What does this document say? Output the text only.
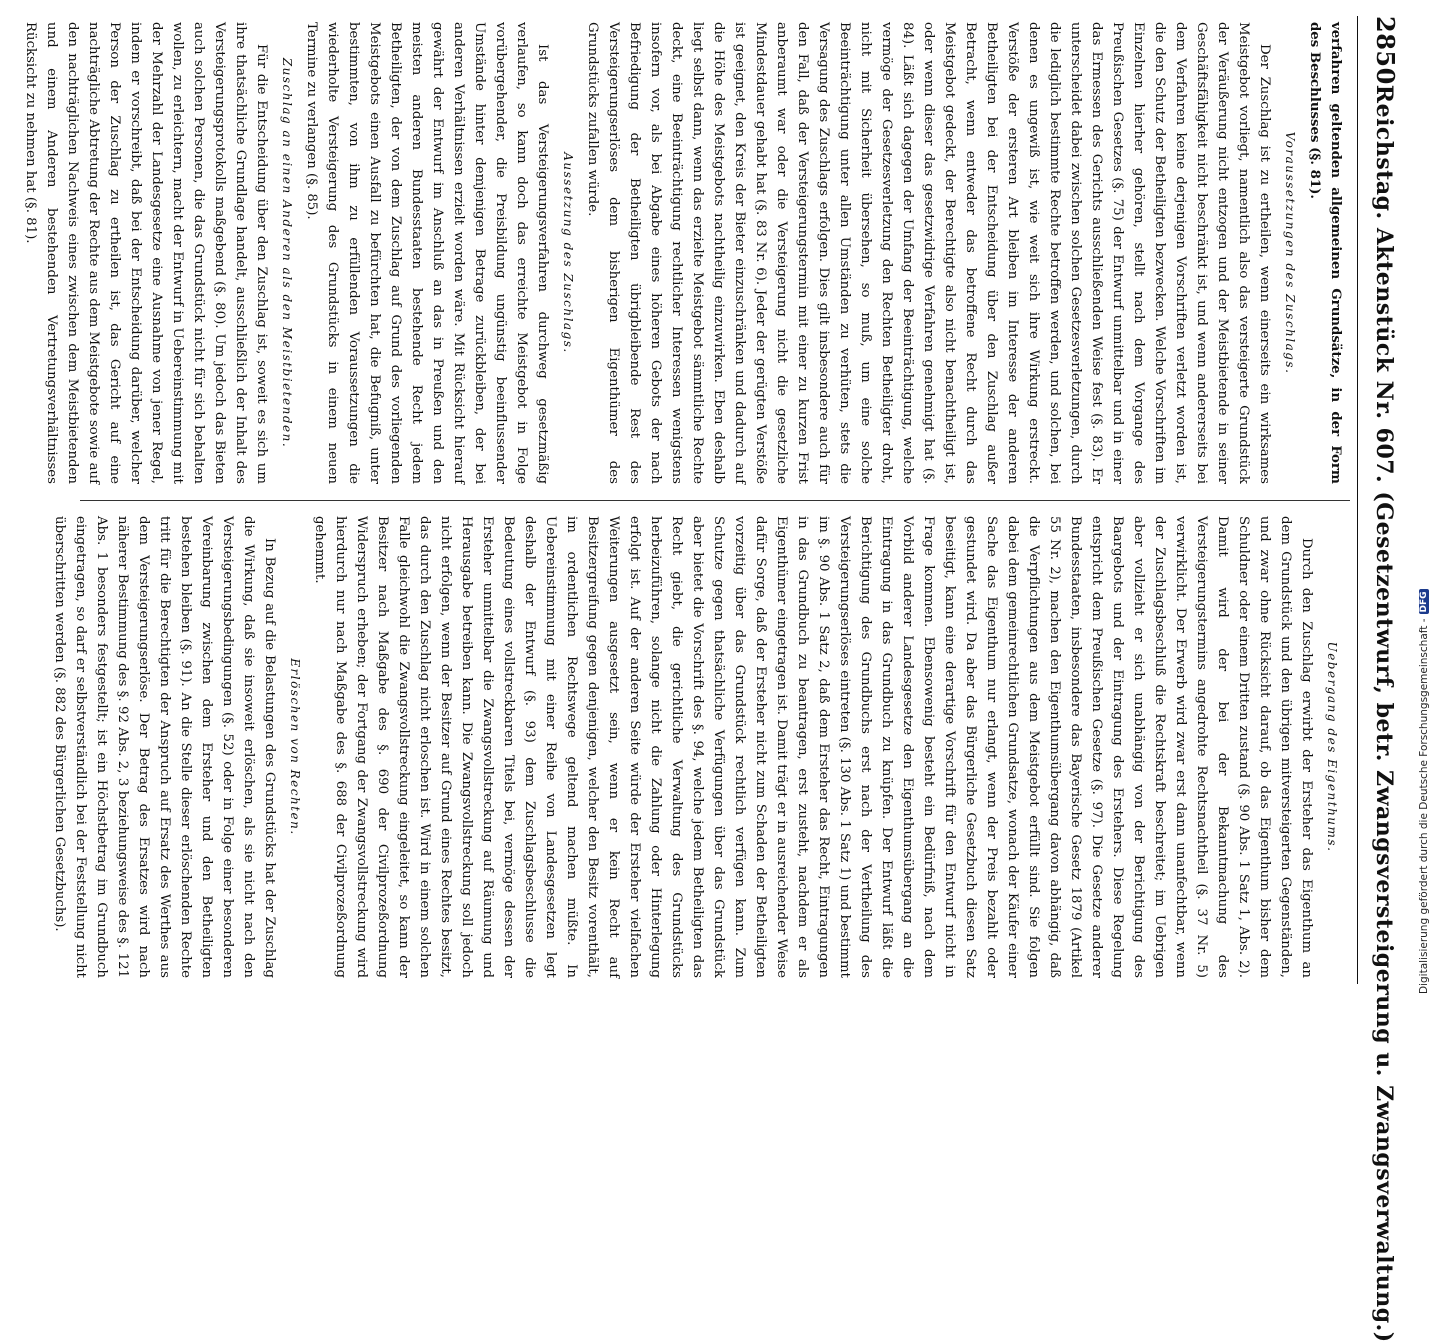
2850
Reichstag. Aktenstück Nr. 607. (Gesetzentwurf, betr. Zwangsversteigerung u. Zwangsverwaltung.)

verfahren geltenden allgemeinen Grundsätze, in der Form des Beschlusses (§. 81).

Voraussetzungen des Zuschlags.

Der Zuschlag ist zu ertheilen, wenn einerseits ein wirksames Meistgebot vorliegt, namentlich also das versteigerte Grundstück der Veräußerung nicht entzogen und der Meistbietende in seiner Geschäftsfähigkeit nicht beschränkt ist, und wenn andererseits bei dem Verfahren keine derjenigen Vorschriften verletzt worden ist, die den Schutz der Betheiligten bezwecken. Welche Vorschriften im Einzelnen hierher gehören, stellt nach dem Vorgange des Preußischen Gesetzes (§. 75) der Entwurf unmittelbar und in einer das Ermessen des Gerichts ausschließenden Weise fest (§. 83). Er unterscheidet dabei zwischen solchen Gesetzesverletzungen, durch die lediglich bestimmte Rechte betroffen werden, und solchen, bei denen es ungewiß ist, wie weit sich ihre Wirkung erstreckt. Verstöße der ersteren Art bleiben im Interesse der anderen Betheiligten bei der Entscheidung über den Zuschlag außer Betracht, wenn entweder das betroffene Recht durch das Meistgebot gedeckt, der Berechtigte also nicht benachtheiligt ist, oder wenn dieser das gesetzwidrige Verfahren genehmigt hat (§. 84). Läßt sich dagegen der Umfang der Beeinträchtigung, welche vermöge der Gesetzesverletzung den Rechten Betheiligter droht, nicht mit Sicherheit übersehen, so muß, um eine solche Beeinträchtigung unter allen Umständen zu verhüten, stets die Versagung des Zuschlags erfolgen. Dies gilt insbesondere auch für den Fall, daß der Versteigerungstermin mit einer zu kurzen Frist anberaumt war oder die Versteigerung nicht die gesetzliche Mindestdauer gehabt hat (§. 83 Nr. 6). Jeder der gerügten Verstöße ist geeignet, den Kreis der Bieter einzuschränken und dadurch auf die Höhe des Meistgebots nachtheilig einzuwirken. Eben deshalb liegt selbst dann, wenn das erzielte Meistgebot sämmtliche Rechte deckt, eine Beeinträchtigung rechtlicher Interessen wenigstens insofern vor, als bei Abgabe eines höheren Gebots der nach Befriedigung der Betheiligten übrigbleibende Rest des Versteigerungserlöses dem bisherigen Eigenthümer des Grundstücks zufallen würde.

Aussetzung des Zuschlags.

Ist das Versteigerungsverfahren durchweg gesetzmäßig verlaufen, so kann doch das erreichte Meistgebot in Folge vorübergehender, die Preisbildung ungünstig beeinflussender Umstände hinter demjenigen Betrage zurückbleiben, der bei anderen Verhältnissen erzielt worden wäre. Mit Rücksicht hierauf gewährt der Entwurf im Anschluß an das in Preußen und den meisten anderen Bundesstaaten bestehende Recht jedem Betheiligten, der von dem Zuschlag auf Grund des vorliegenden Meistgebots einen Ausfall zu befürchten hat, die Befugniß, unter bestimmten, von ihm zu erfüllenden Voraussetzungen die wiederholte Versteigerung des Grundstücks in einem neuen Termine zu verlangen (§. 85).

Zuschlag an einen Anderen als den Meistbietenden.

Für die Entscheidung über den Zuschlag ist, soweit es sich um ihre thatsächliche Grundlage handelt, ausschließlich der Inhalt des Versteigerungsprotokolls maßgebend (§. 80). Um jedoch das Bieten auch solchen Personen, die das Grundstück nicht für sich behalten wollen, zu erleichtern, macht der Entwurf in Uebereinstimmung mit der Mehrzahl der Landesgesetze eine Ausnahme von jener Regel, indem er vorschreibt, daß bei der Entscheidung darüber, welcher Person der Zuschlag zu ertheilen ist, das Gericht auf eine nachträgliche Abtretung der Rechte aus dem Meistgebote sowie auf den nachträglichen Nachweis eines zwischen dem Meistbietenden und einem Anderen bestehenden Vertretungsverhältnisses Rücksicht zu nehmen hat (§. 81).

Uebergang des Eigenthums.

Durch den Zuschlag erwirbt der Ersteher das Eigenthum an dem Grundstück und den übrigen mitversteigerten Gegenständen, und zwar ohne Rücksicht darauf, ob das Eigenthum bisher dem Schuldner oder einem Dritten zustand (§. 90 Abs. 1 Satz 1, Abs. 2). Damit wird der bei der Bekanntmachung des Versteigerungstermins angedrohte Rechtsnachtheil (§. 37 Nr. 5) verwirklicht. Der Erwerb wird zwar erst dann unanfechtbar, wenn der Zuschlagsbeschluß die Rechtskraft beschreitet; im Uebrigen aber vollzieht er sich unabhängig von der Berichtigung des Baargebots und der Eintragung des Erstehers. Diese Regelung entspricht dem Preußischen Gesetze (§. 97). Die Gesetze anderer Bundesstaaten, insbesondere das Bayerische Gesetz 1879 (Artikel 55 Nr. 2), machen den Eigenthumsübergang davon abhängig, daß die Verpflichtungen aus dem Meistgebot erfüllt sind. Sie folgen dabei dem gemeinrechtlichen Grundsatze, wonach der Käufer einer Sache das Eigenthum nur erlangt, wenn der Preis bezahlt oder gestundet wird. Da aber das Bürgerliche Gesetzbuch diesen Satz beseitigt, kann eine derartige Vorschrift für den Entwurf nicht in Frage kommen. Ebensowenig besteht ein Bedürfniß, nach dem Vorbild anderer Landesgesetze den Eigenthumsübergang an die Eintragung in das Grundbuch zu knüpfen. Der Entwurf läßt die Berichtigung des Grundbuchs erst nach der Vertheilung des Versteigerungserlöses eintreten (§. 130 Abs. 1 Satz 1) und bestimmt im §. 90 Abs. 1 Satz 2, daß dem Ersteher das Recht, Eintragungen in das Grundbuch zu beantragen, erst zusteht, nachdem er als Eigenthümer eingetragen ist. Damit trägt er in ausreichender Weise dafür Sorge, daß der Ersteher nicht zum Schaden der Betheiligten vorzeitig über das Grundstück rechtlich verfügen kann. Zum Schutze gegen thatsächliche Verfügungen über das Grundstück aber bietet die Vorschrift des §. 94, welche jedem Betheiligten das Recht giebt, die gerichtliche Verwaltung des Grundstücks herbeizuführen, solange nicht die Zahlung oder Hinterlegung erfolgt ist. Auf der anderen Seite würde der Ersteher vielfachen Weiterungen ausgesetzt sein, wenn er kein Recht auf Besitzergreifung gegen denjenigen, welcher den Besitz vorenthält, im ordentlichen Rechtswege geltend machen müßte. In Uebereinstimmung mit einer Reihe von Landesgesetzen legt deshalb der Entwurf (§. 93) dem Zuschlagsbeschlusse die Bedeutung eines vollstreckbaren Titels bei, vermöge dessen der Ersteher unmittelbar die Zwangsvollstreckung auf Räumung und Herausgabe betreiben kann. Die Zwangsvollstreckung soll jedoch nicht erfolgen, wenn der Besitzer auf Grund eines Rechtes besitzt, das durch den Zuschlag nicht erloschen ist. Wird in einem solchen Falle gleichwohl die Zwangsvollstreckung eingeleitet, so kann der Besitzer nach Maßgabe des §. 690 der Civilprozeßordnung Widerspruch erheben; der Fortgang der Zwangsvollstreckung wird hierdurch nur nach Maßgabe des §. 688 der Civilprozeßordnung gehemmt.

Erlöschen von Rechten.

In Bezug auf die Belastungen des Grundstücks hat der Zuschlag die Wirkung, daß sie insoweit erlöschen, als sie nicht nach den Versteigerungsbedingungen (§. 52) oder in Folge einer besonderen Vereinbarung zwischen dem Ersteher und den Betheiligten bestehen bleiben (§. 91). An die Stelle dieser erlöschenden Rechte tritt für die Berechtigten der Anspruch auf Ersatz des Werthes aus dem Versteigerungserlöse. Der Betrag des Ersatzes wird nach näherer Bestimmung des §. 92 Abs. 2, 3 beziehungsweise des §. 121 Abs. 1 besonders festgestellt; ist ein Höchstbetrag im Grundbuch eingetragen, so darf er selbstverständlich bei der Feststellung nicht überschritten werden (§. 882 des Bürgerlichen Gesetzbuchs).	Digitalisierung gefördert durch die Deutsche Forschungsgemeinschaft -
DFG
